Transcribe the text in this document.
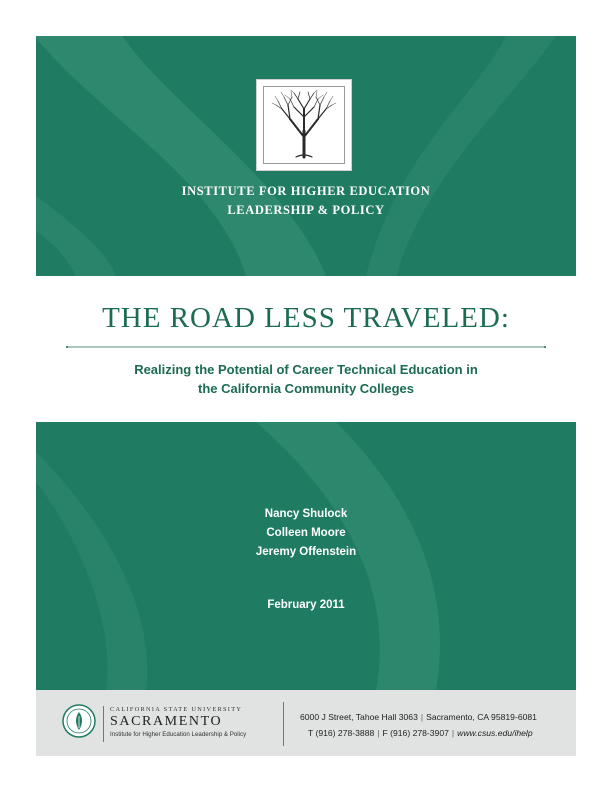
INSTITUTE FOR HIGHER EDUCATION
LEADERSHIP & POLICY
THE ROAD LESS TRAVELED:
Realizing the Potential of Career Technical Education in
the California Community Colleges
Nancy Shulock
Colleen Moore
Jeremy Offenstein
February 2011
CALIFORNIA STATE UNIVERSITY
SACRAMENTO
Institute for Higher Education Leadership & Policy
6000 J Street, Tahoe Hall 3063 | Sacramento, CA 95819-6081
T (916) 278-3888 | F (916) 278-3907 | www.csus.edu/ihelp
